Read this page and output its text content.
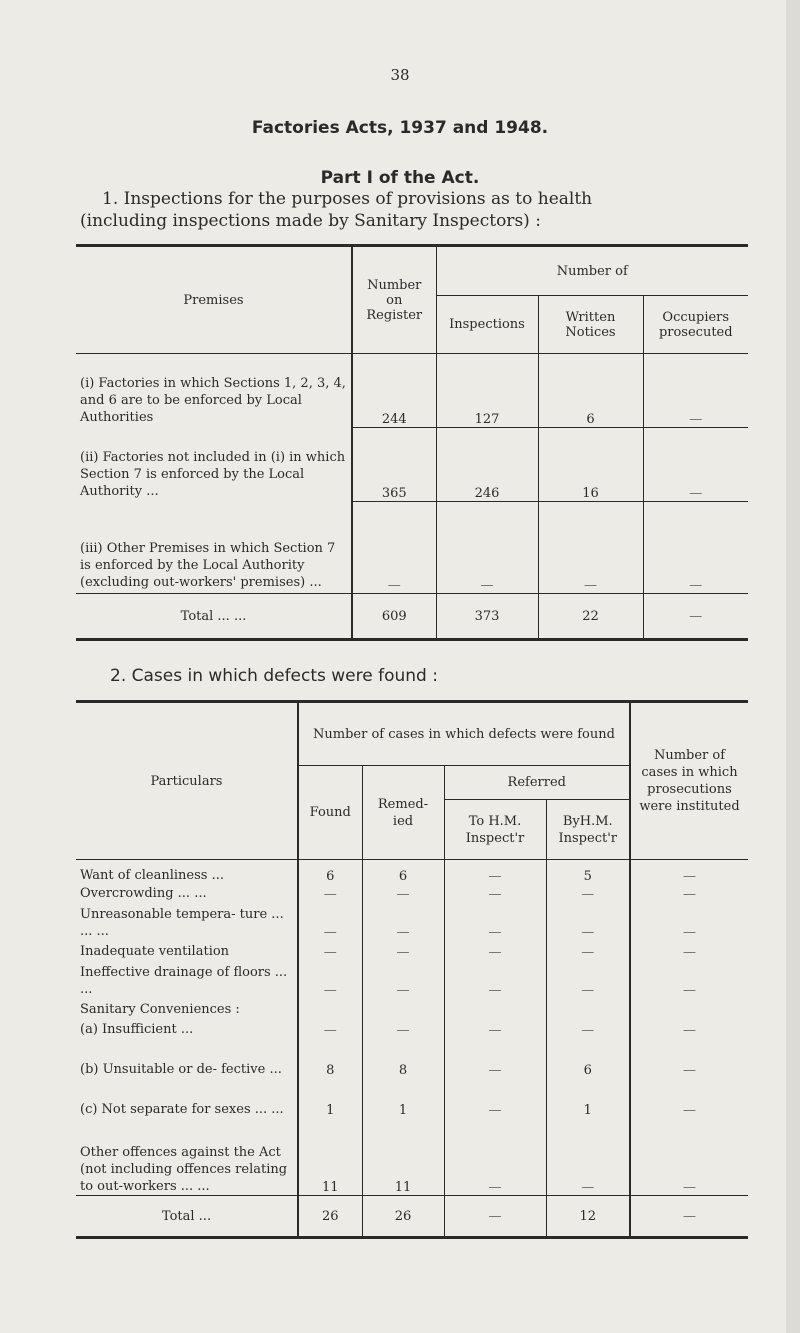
38
Factories Acts, 1937 and 1948.
Part I of the Act.
1. Inspections for the purposes of provisions as to health
(including inspections made by Sanitary Inspectors) :
Premises	Number on Register	Number of		
		Inspections	Written Notices	Occupiers prosecuted
(i) Factories in which Sections 1, 2, 3, 4, and 6 are to be enforced by Local Authorities	244	127	6	—
(ii) Factories not included in (i) in which Section 7 is enforced by the Local Authority ...	365	246	16	—
(iii) Other Premises in which Section 7 is enforced by the Local Authority (excluding out-workers' premises) ...	—	—	—	—
Total ... ...	609	373	22	—
2. Cases in which defects were found :
Particulars	Number of cases in which defects were found				Number of cases in which prosecutions were instituted
	Found	Remed- ied	Referred		
			To H.M. Inspect'r	ByH.M. Inspect'r	
Want of cleanliness ...	6	6	—	5	—
Overcrowding ... ...	—	—	—	—	—
Unreasonable tempera- ture ... ... ...	—	—	—	—	—
Inadequate ventilation	—	—	—	—	—
Ineffective drainage of floors ... ...	—	—	—	—	—
Sanitary Conveniences :					
(a) Insufficient ...	—	—	—	—	—
(b) Unsuitable or de- fective ...	8	8	—	6	—
(c) Not separate for sexes ... ...	1	1	—	1	—
Other offences against the Act (not including offences relating to out-workers ... ...	11	11	—	—	—
Total ...	26	26	—	12	—
